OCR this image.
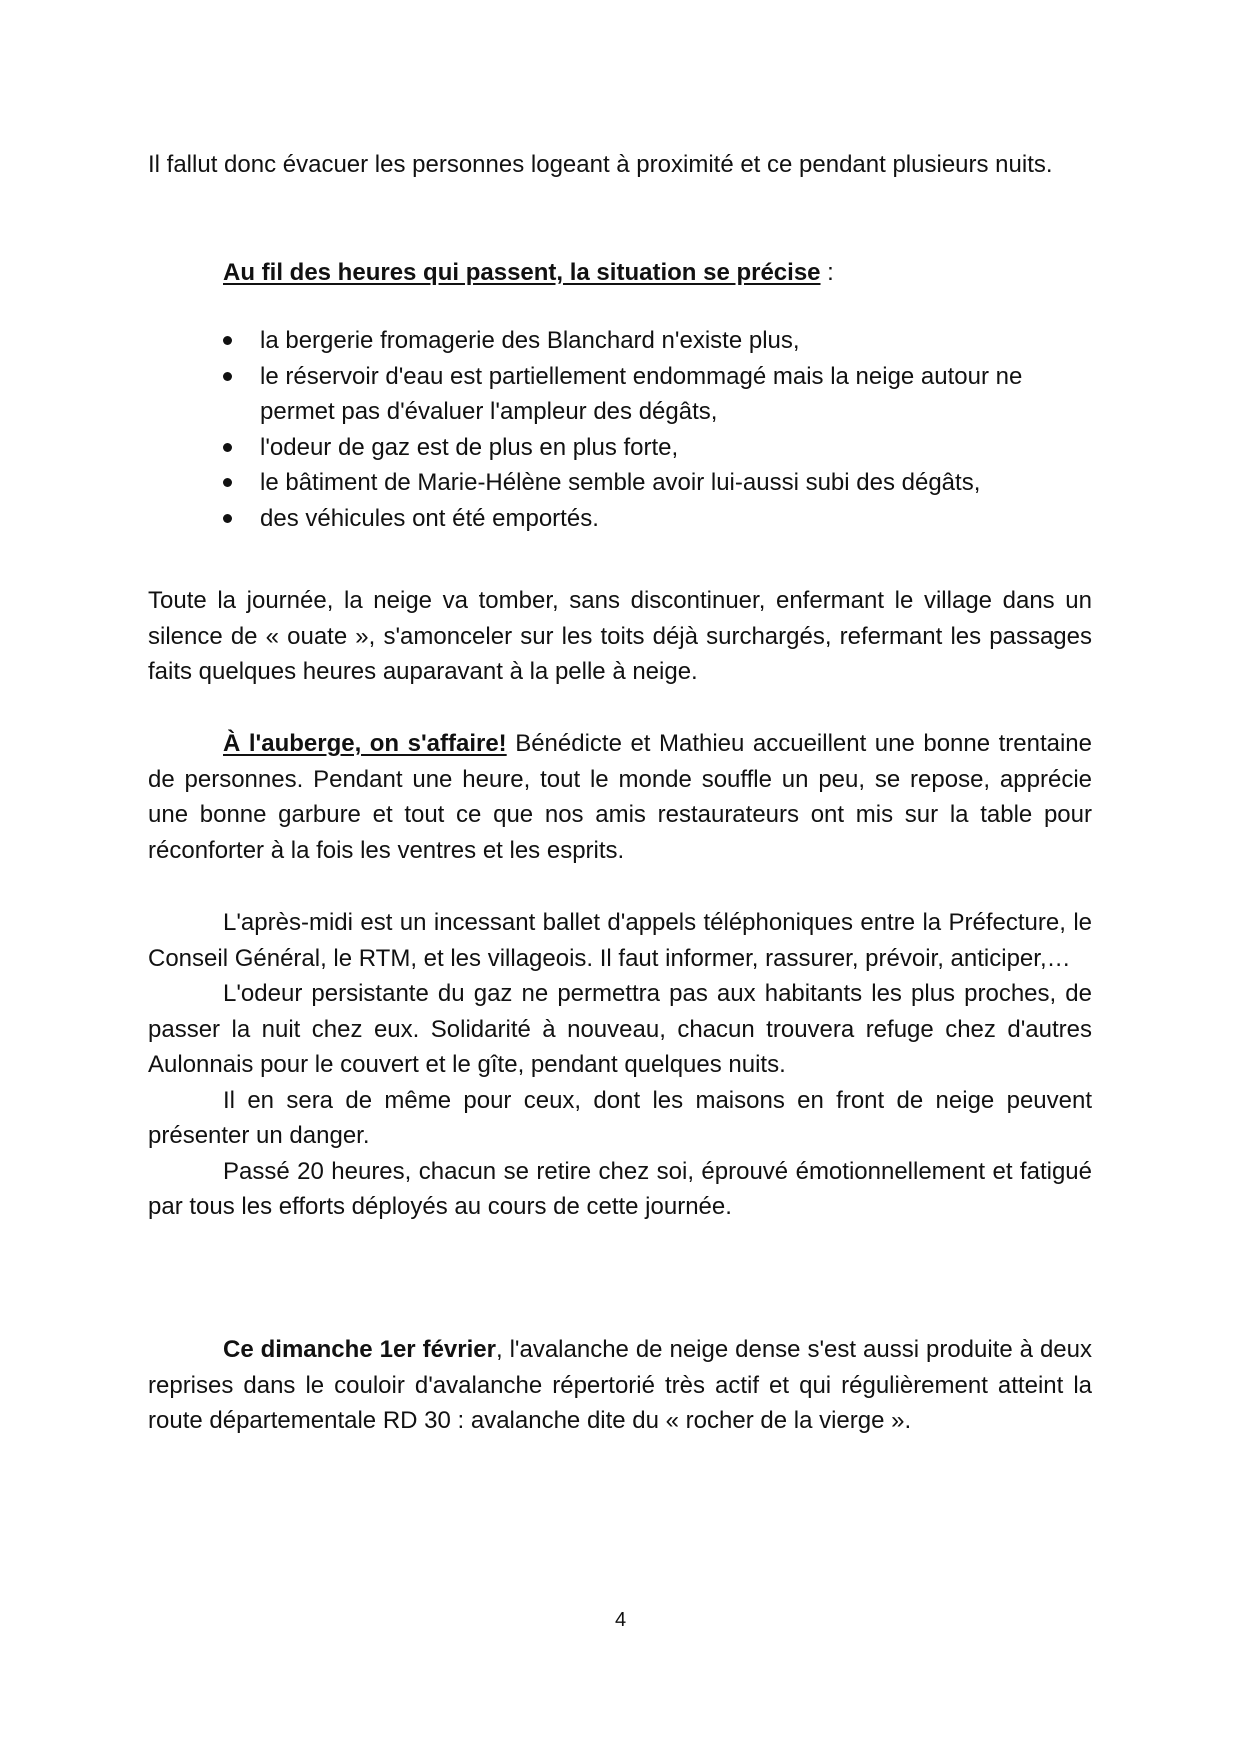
Il fallut donc évacuer les personnes logeant à proximité et ce pendant plusieurs nuits.

Au fil des heures qui passent, la situation se précise :

la bergerie fromagerie des Blanchard n'existe plus,
le réservoir d'eau est partiellement endommagé mais la neige autour ne permet pas d'évaluer l'ampleur des dégâts,
l'odeur de gaz est de plus en plus forte,
le bâtiment de Marie-Hélène semble avoir lui-aussi subi des dégâts,
des véhicules ont été emportés.

Toute la journée, la neige va tomber, sans discontinuer, enfermant le village dans un silence de « ouate », s'amonceler sur les toits déjà surchargés, refermant les passages faits quelques heures auparavant à la pelle à neige.

À l'auberge, on s'affaire! Bénédicte et Mathieu accueillent une bonne trentaine de personnes. Pendant une heure, tout le monde souffle un peu, se repose, apprécie une bonne garbure et tout ce que nos amis restaurateurs ont mis sur la table pour réconforter à la fois les ventres et les esprits.

L'après-midi est un incessant ballet d'appels téléphoniques entre la Préfecture, le Conseil Général, le RTM, et les villageois. Il faut informer, rassurer, prévoir, anticiper,…

L'odeur persistante du gaz ne permettra pas aux habitants les plus proches, de passer la nuit chez eux. Solidarité à nouveau, chacun trouvera refuge chez d'autres Aulonnais pour le couvert et le gîte, pendant quelques nuits.

Il en sera de même pour ceux, dont les maisons en front de neige peuvent présenter un danger.

Passé 20 heures, chacun se retire chez soi, éprouvé émotionnellement et fatigué par tous les efforts déployés au cours de cette journée.

Ce dimanche 1er février, l'avalanche de neige dense s'est aussi produite à deux reprises dans le couloir d'avalanche répertorié très actif et qui régulièrement atteint la route départementale RD 30 : avalanche dite du « rocher de la vierge ».

4
